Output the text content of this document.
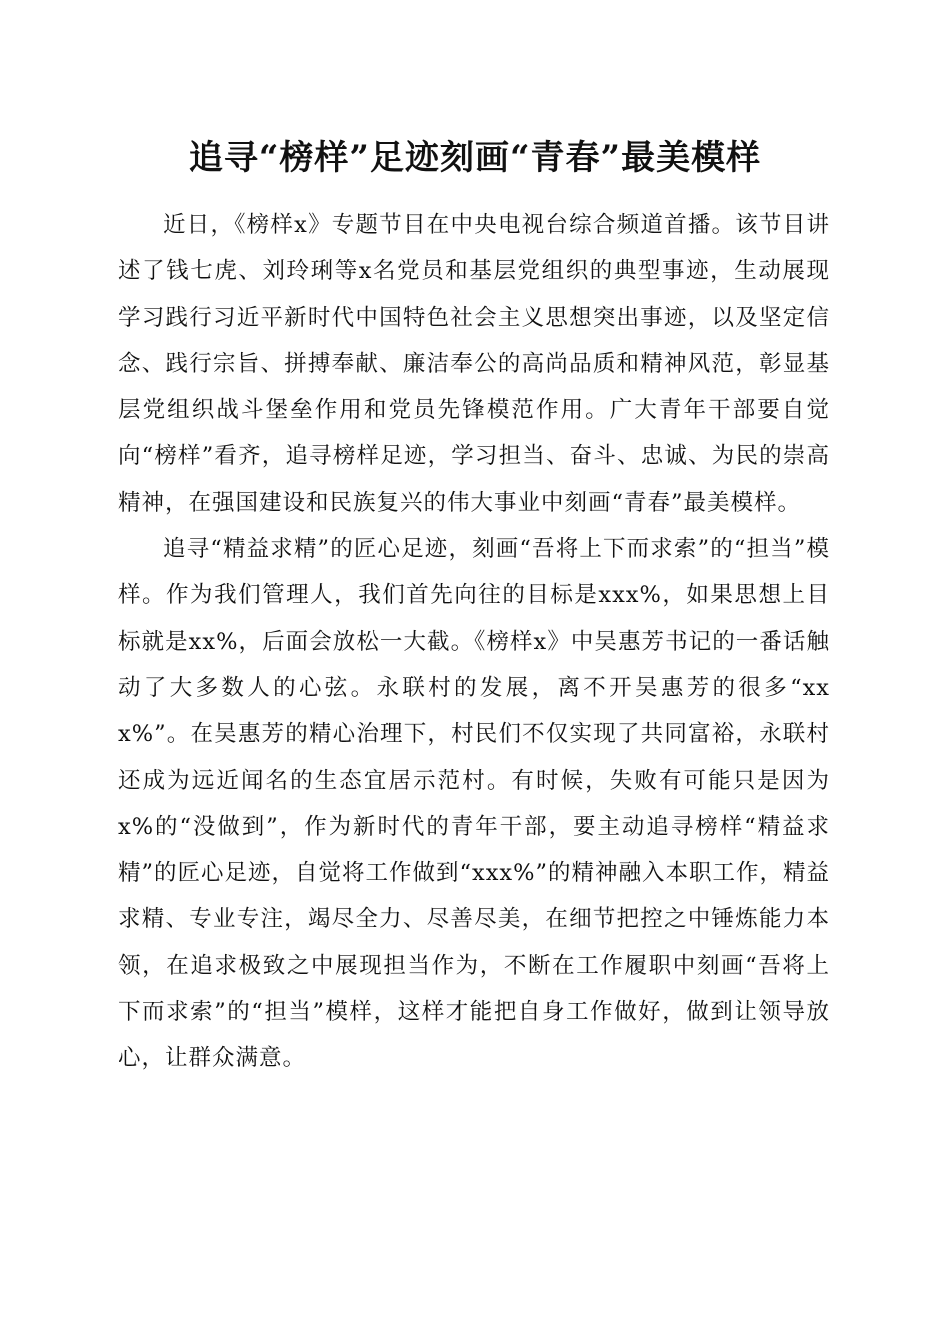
追寻“榜样”足迹刻画“青春”最美模样

近日，《榜样x》专题节目在中央电视台综合频道首播。该节目讲述了钱七虎、刘玲琍等x名党员和基层党组织的典型事迹，生动展现学习践行习近平新时代中国特色社会主义思想突出事迹，以及坚定信念、践行宗旨、拼搏奉献、廉洁奉公的高尚品质和精神风范，彰显基层党组织战斗堡垒作用和党员先锋模范作用。广大青年干部要自觉向“榜样”看齐，追寻榜样足迹，学习担当、奋斗、忠诚、为民的崇高精神，在强国建设和民族复兴的伟大事业中刻画“青春”最美模样。

追寻“精益求精”的匠心足迹，刻画“吾将上下而求索”的“担当”模样。作为我们管理人，我们首先向往的目标是xxx%，如果思想上目标就是xx%，后面会放松一大截。《榜样x》中吴惠芳书记的一番话触动了大多数人的心弦。永联村的发展，离不开吴惠芳的很多“xxx%”。在吴惠芳的精心治理下，村民们不仅实现了共同富裕，永联村还成为远近闻名的生态宜居示范村。有时候，失败有可能只是因为x%的“没做到”，作为新时代的青年干部，要主动追寻榜样“精益求精”的匠心足迹，自觉将工作做到“xxx%”的精神融入本职工作，精益求精、专业专注，竭尽全力、尽善尽美，在细节把控之中锤炼能力本领，在追求极致之中展现担当作为，不断在工作履职中刻画“吾将上下而求索”的“担当”模样，这样才能把自身工作做好，做到让领导放心，让群众满意。
